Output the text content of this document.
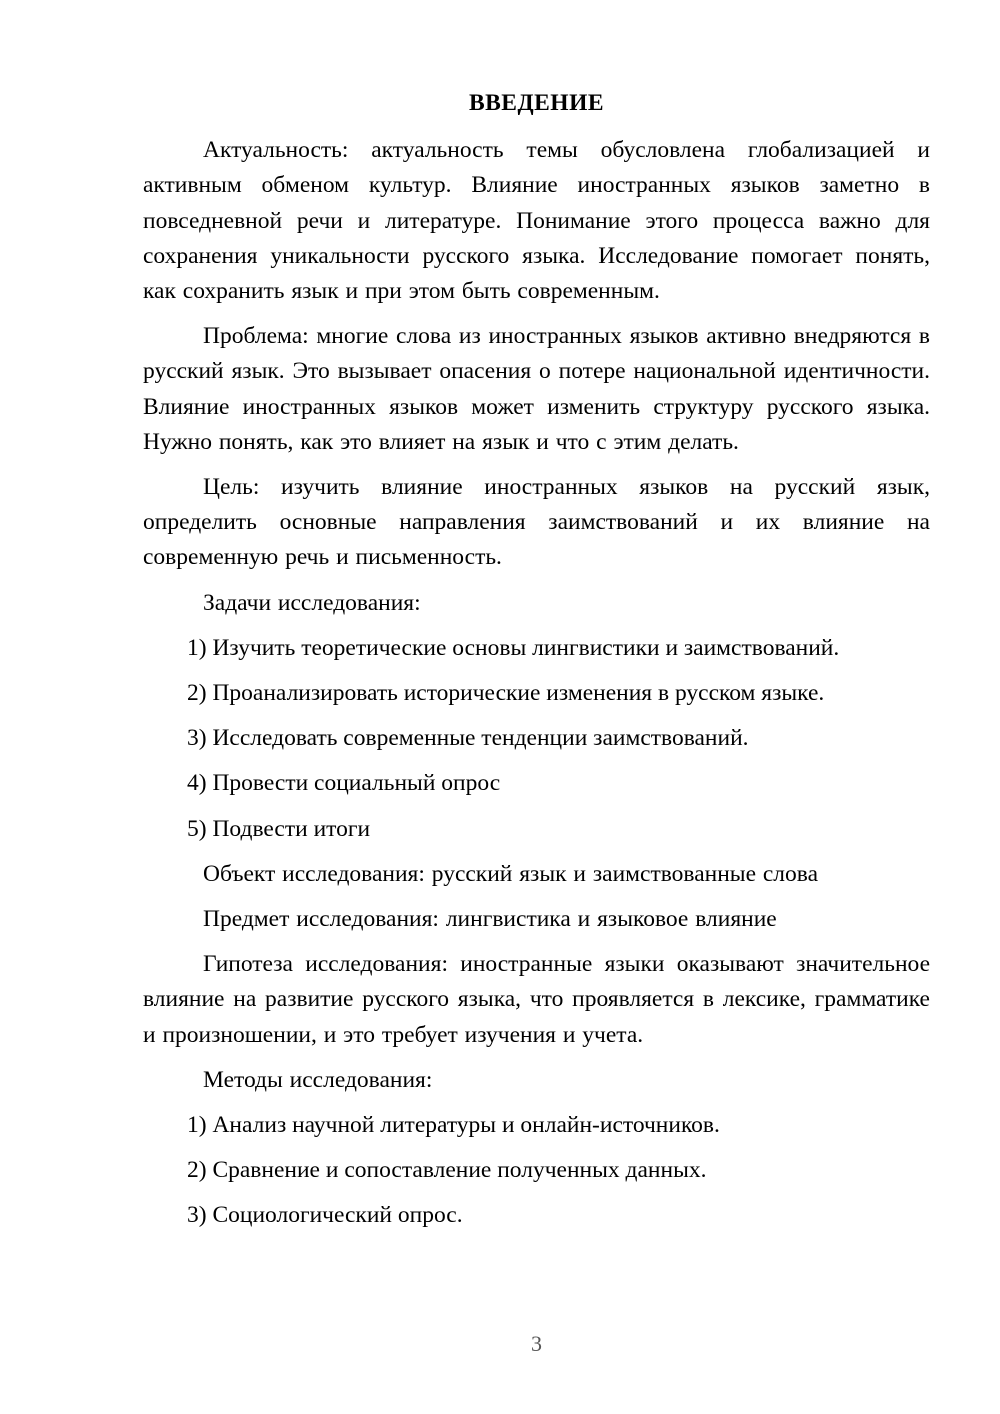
ВВЕДЕНИЕ

Актуальность: актуальность темы обусловлена глобализацией и активным обменом культур. Влияние иностранных языков заметно в повседневной речи и литературе. Понимание этого процесса важно для сохранения уникальности русского языка. Исследование помогает понять, как сохранить язык и при этом быть современным.

Проблема: многие слова из иностранных языков активно внедряются в русский язык. Это вызывает опасения о потере национальной идентичности. Влияние иностранных языков может изменить структуру русского языка. Нужно понять, как это влияет на язык и что с этим делать.

Цель: изучить влияние иностранных языков на русский язык, определить основные направления заимствований и их влияние на современную речь и письменность.

Задачи исследования:

1) Изучить теоретические основы лингвистики и заимствований.

2) Проанализировать исторические изменения в русском языке.

3) Исследовать современные тенденции заимствований.

4) Провести социальный опрос

5) Подвести итоги

Объект исследования: русский язык и заимствованные слова

Предмет исследования: лингвистика и языковое влияние

Гипотеза исследования: иностранные языки оказывают значительное влияние на развитие русского языка, что проявляется в лексике, грамматике и произношении, и это требует изучения и учета.

Методы исследования:

1) Анализ научной литературы и онлайн-источников.

2) Сравнение и сопоставление полученных данных.

3) Социологический опрос.

3
